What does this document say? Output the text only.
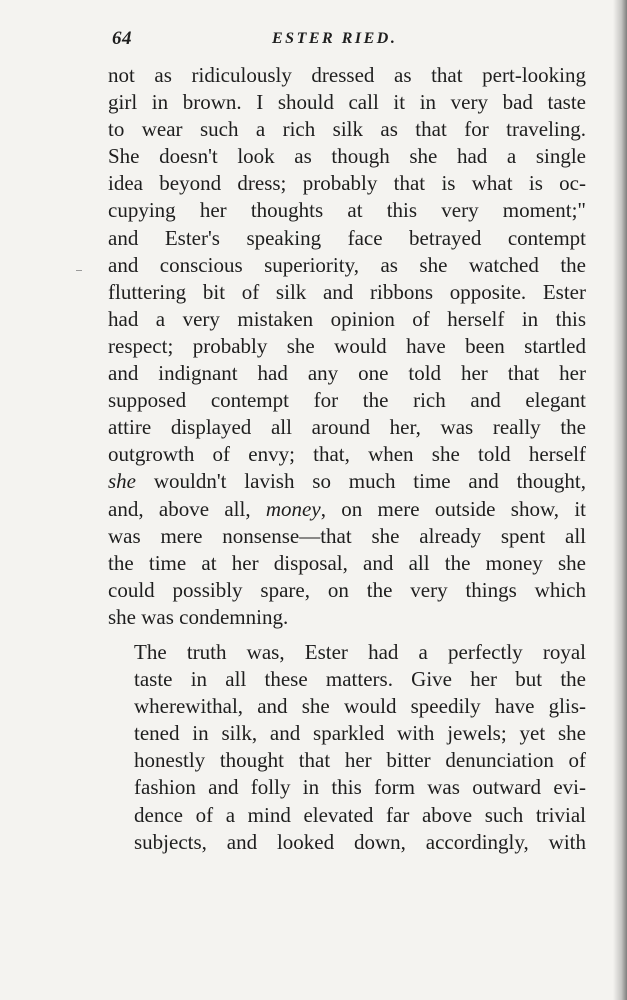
64	ESTER RIED.

not as ridiculously dressed as that pert-looking
girl in brown. I should call it in very bad taste
to wear such a rich silk as that for traveling.
She doesn't look as though she had a single
idea beyond dress; probably that is what is oc-
cupying her thoughts at this very moment;"
and Ester's speaking face betrayed contempt
and conscious superiority, as she watched the
fluttering bit of silk and ribbons opposite. Ester
had a very mistaken opinion of herself in this
respect; probably she would have been startled
and indignant had any one told her that her
supposed contempt for the rich and elegant
attire displayed all around her, was really the
outgrowth of envy; that, when she told herself
she wouldn't lavish so much time and thought,
and, above all, money, on mere outside show, it
was mere nonsense—that she already spent all
the time at her disposal, and all the money she
could possibly spare, on the very things which
she was condemning.

The truth was, Ester had a perfectly royal
taste in all these matters. Give her but the
wherewithal, and she would speedily have glis-
tened in silk, and sparkled with jewels; yet she
honestly thought that her bitter denunciation of
fashion and folly in this form was outward evi-
dence of a mind elevated far above such trivial
subjects, and looked down, accordingly, with
